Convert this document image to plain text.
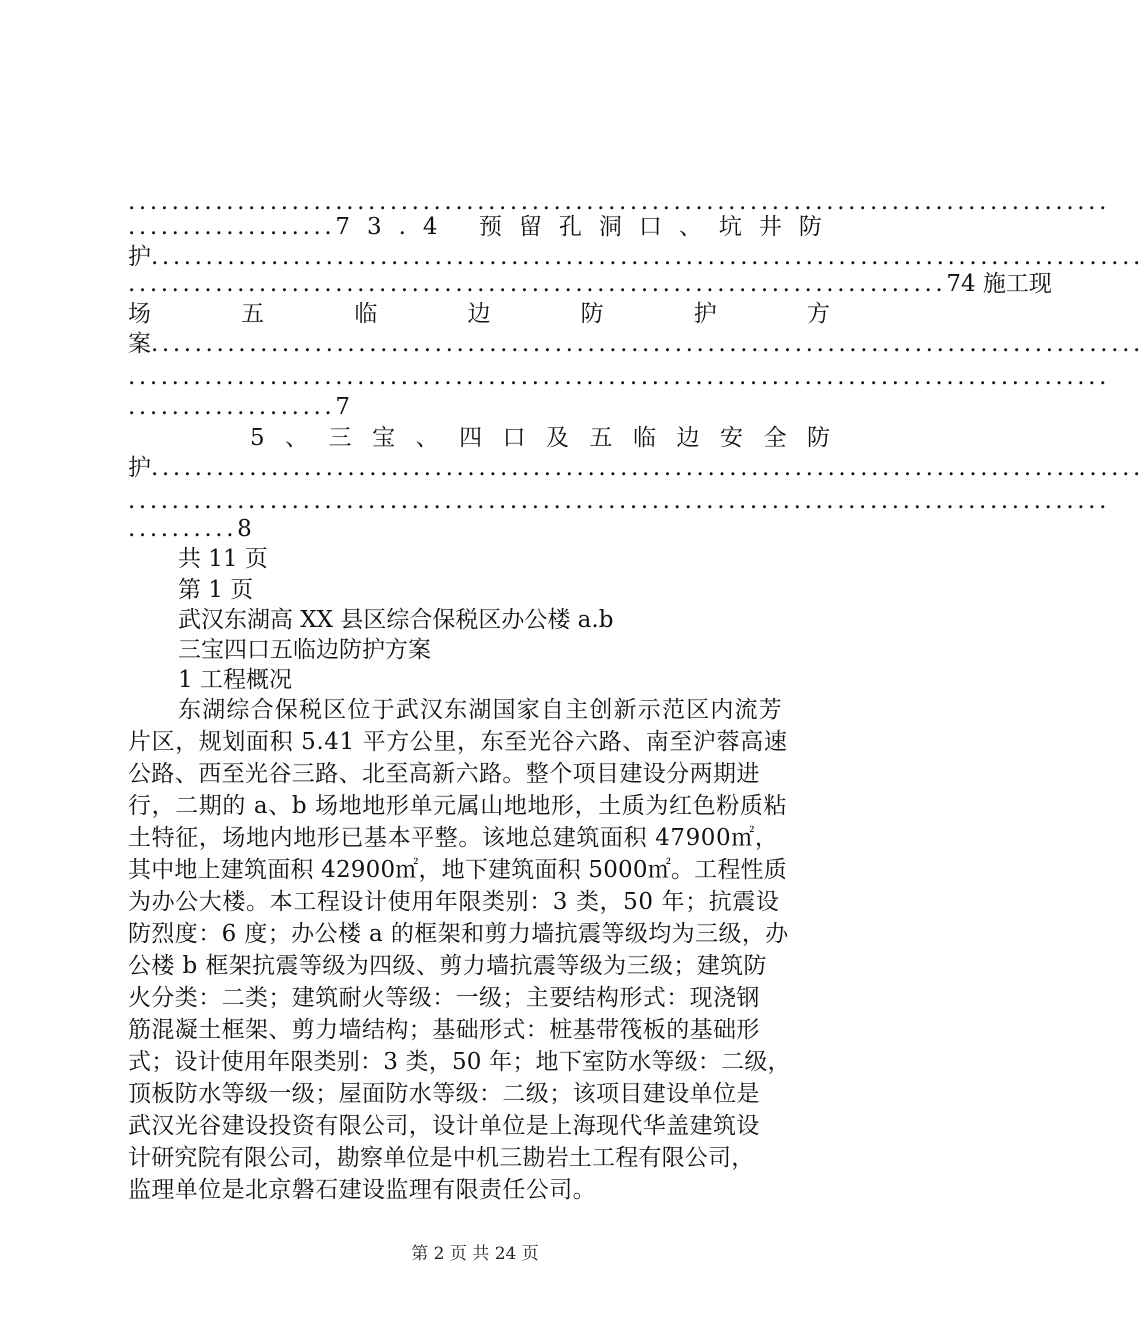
..........................................................................................
................... 73.4 预留孔洞口、坑井防
护 ...........................................................................................
........................................................................... 74 施工现
场	五	临	边	防	护	方
案 ...........................................................................................
..........................................................................................
................... 7
5 、 三 宝 、 四 口 及 五 临 边 安 全 防
护 ...........................................................................................
..........................................................................................
.......... 8
共 11 页
第 1 页
武汉东湖高 XX 县区综合保税区办公楼 a.b
三宝四口五临边防护方案
1 工程概况
东湖综合保税区位于武汉东湖国家自主创新示范区内流芳
片区，规划面积 5.41 平方公里，东至光谷六路、南至沪蓉高速
公路、西至光谷三路、北至高新六路。整个项目建设分两期进
行，二期的 a、b 场地地形单元属山地地形，土质为红色粉质粘
土特征，场地内地形已基本平整。该地总建筑面积 47900㎡，
其中地上建筑面积 42900㎡，地下建筑面积 5000㎡。工程性质
为办公大楼。本工程设计使用年限类别：3 类，50 年；抗震设
防烈度：6 度；办公楼 a 的框架和剪力墙抗震等级均为三级，办
公楼 b 框架抗震等级为四级、剪力墙抗震等级为三级；建筑防
火分类：二类；建筑耐火等级：一级；主要结构形式：现浇钢
筋混凝土框架、剪力墙结构；基础形式：桩基带筏板的基础形
式；设计使用年限类别：3 类，50 年；地下室防水等级：二级，
顶板防水等级一级；屋面防水等级：二级；该项目建设单位是
武汉光谷建设投资有限公司，设计单位是上海现代华盖建筑设
计研究院有限公司，勘察单位是中机三勘岩土工程有限公司，
监理单位是北京磐石建设监理有限责任公司。
第 2 页 共 24 页
